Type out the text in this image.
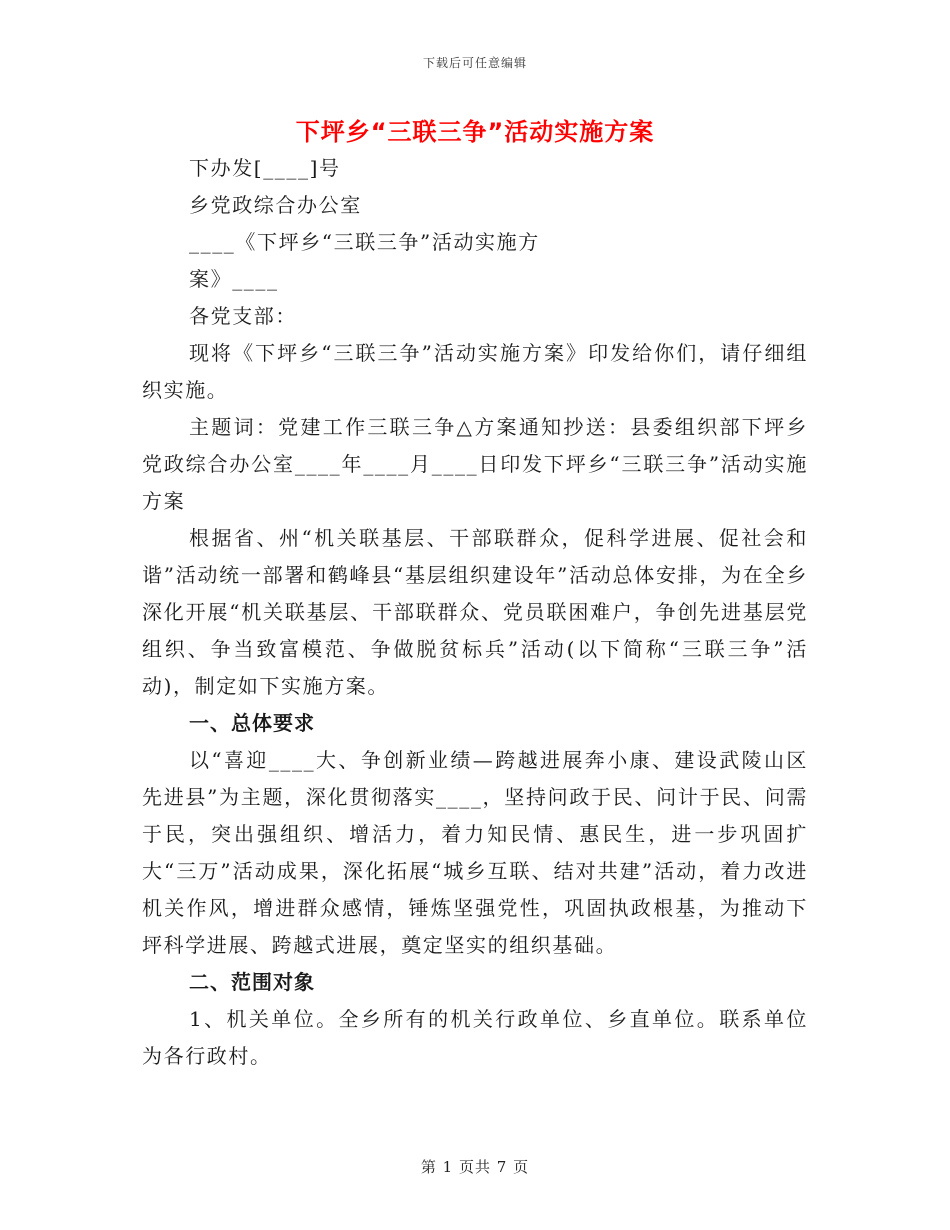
下载后可任意编辑
下坪乡“三联三争”活动实施方案

下办发[____]号

乡党政综合办公室

____《下坪乡“三联三争”活动实施方

案》____

各党支部：

现将《下坪乡“三联三争”活动实施方案》印发给你们，请仔细组织实施。

主题词：党建工作三联三争△方案通知抄送：县委组织部下坪乡党政综合办公室____年____月____日印发下坪乡“三联三争”活动实施方案

根据省、州“机关联基层、干部联群众，促科学进展、促社会和谐”活动统一部署和鹤峰县“基层组织建设年”活动总体安排，为在全乡深化开展“机关联基层、干部联群众、党员联困难户，争创先进基层党组织、争当致富模范、争做脱贫标兵”活动(以下简称“三联三争”活动)，制定如下实施方案。

一、总体要求

以“喜迎____大、争创新业绩—跨越进展奔小康、建设武陵山区先进县”为主题，深化贯彻落实____，坚持问政于民、问计于民、问需于民，突出强组织、增活力，着力知民情、惠民生，进一步巩固扩大“三万”活动成果，深化拓展“城乡互联、结对共建”活动，着力改进机关作风，增进群众感情，锤炼坚强党性，巩固执政根基，为推动下坪科学进展、跨越式进展，奠定坚实的组织基础。

二、范围对象

1、机关单位。全乡所有的机关行政单位、乡直单位。联系单位为各行政村。

第 1 页共 7 页
